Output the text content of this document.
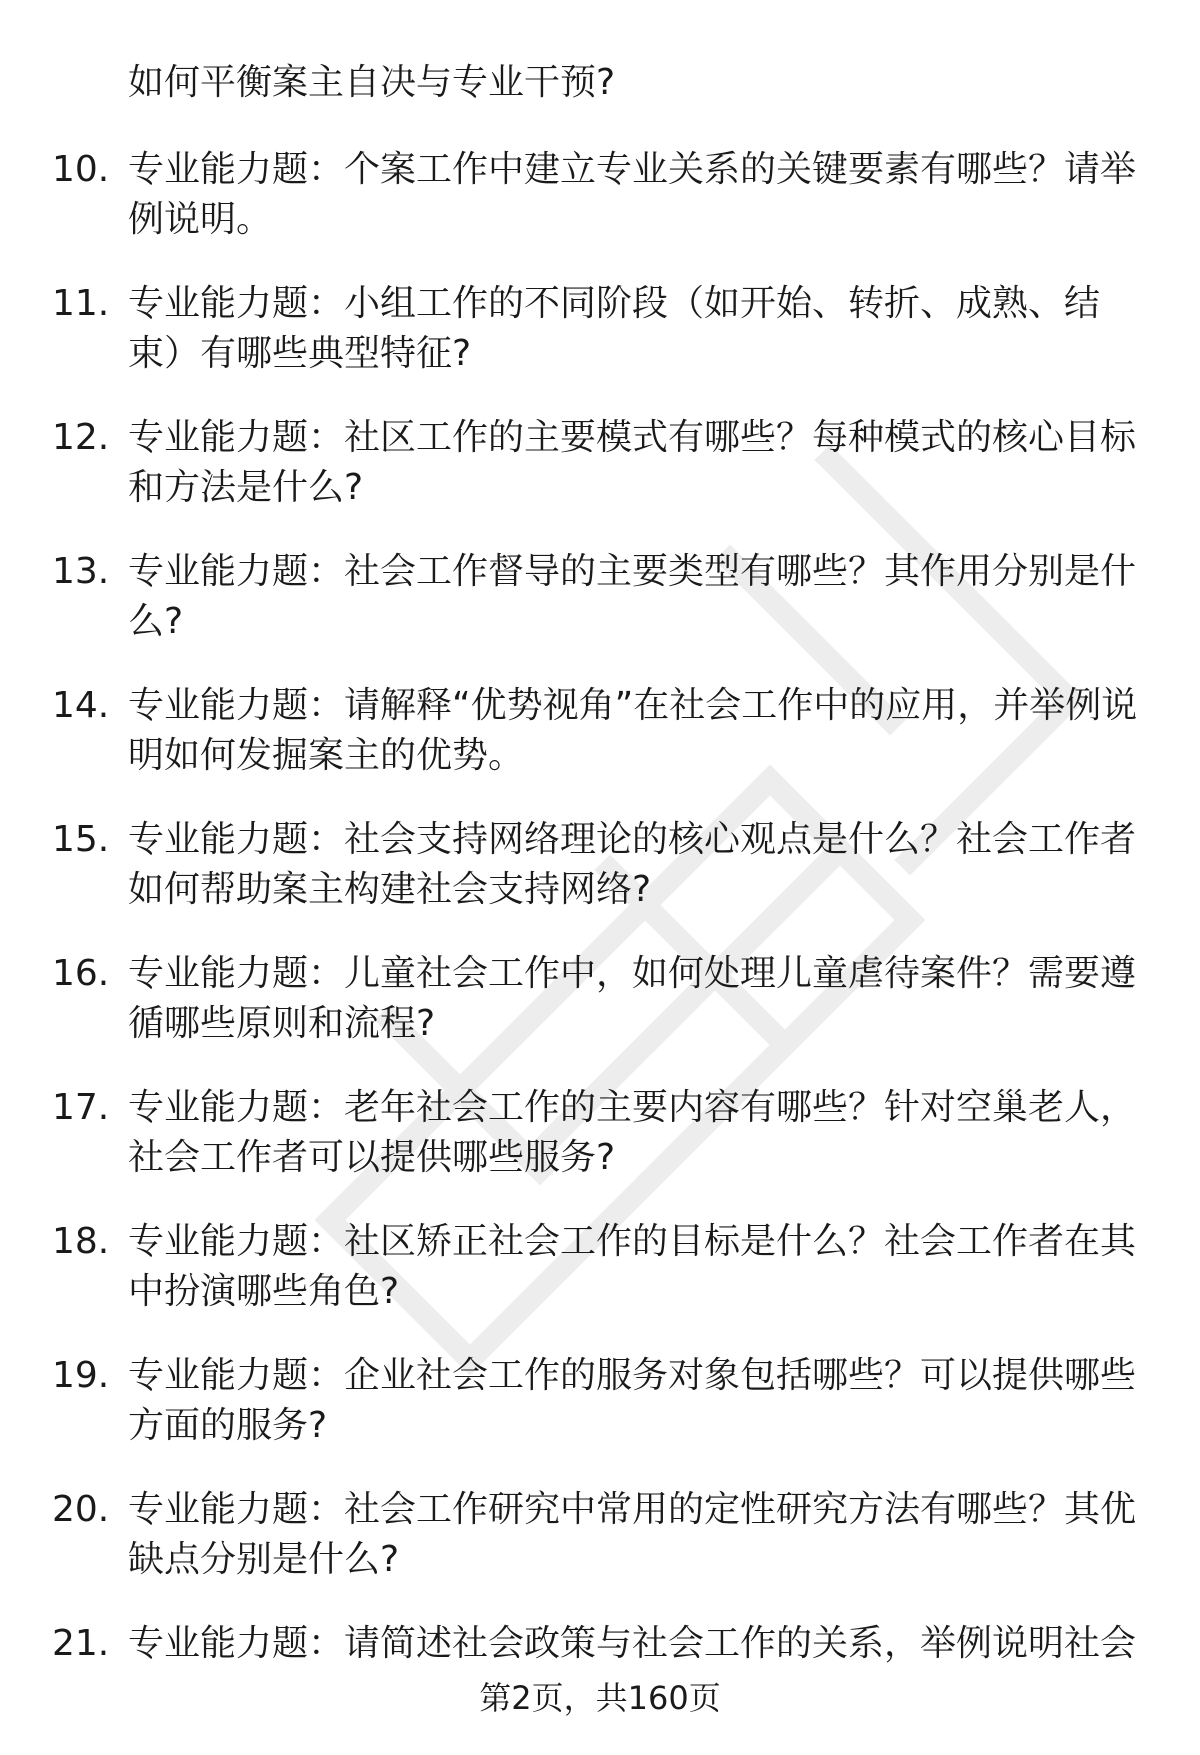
如何平衡案主自决与专业干预?
10. 专业能力题：个案工作中建立专业关系的关键要素有哪些？请举例说明。
11. 专业能力题：小组工作的不同阶段（如开始、转折、成熟、结束）有哪些典型特征?
12. 专业能力题：社区工作的主要模式有哪些？每种模式的核心目标和方法是什么?
13. 专业能力题：社会工作督导的主要类型有哪些？其作用分别是什么?
14. 专业能力题：请解释“优势视角”在社会工作中的应用，并举例说明如何发掘案主的优势。
15. 专业能力题：社会支持网络理论的核心观点是什么？社会工作者如何帮助案主构建社会支持网络?
16. 专业能力题：儿童社会工作中，如何处理儿童虐待案件？需要遵循哪些原则和流程?
17. 专业能力题：老年社会工作的主要内容有哪些？针对空巢老人，社会工作者可以提供哪些服务?
18. 专业能力题：社区矫正社会工作的目标是什么？社会工作者在其中扮演哪些角色?
19. 专业能力题：企业社会工作的服务对象包括哪些？可以提供哪些方面的服务?
20. 专业能力题：社会工作研究中常用的定性研究方法有哪些？其优缺点分别是什么?
21. 专业能力题：请简述社会政策与社会工作的关系，举例说明社会
第2页，共160页
